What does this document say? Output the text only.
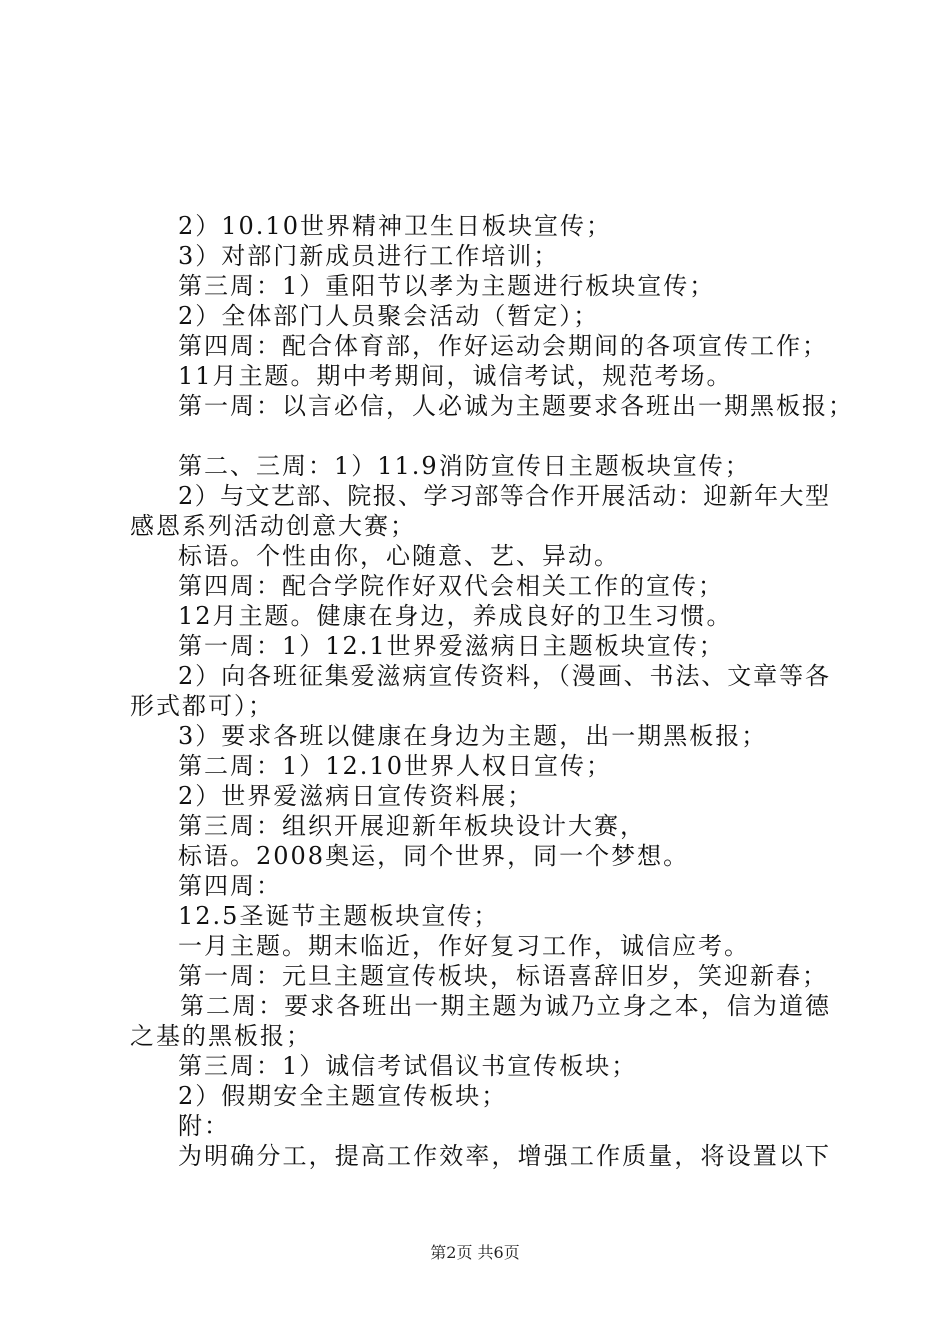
2）10.10世界精神卫生日板块宣传；
3）对部门新成员进行工作培训；
第三周：1）重阳节以孝为主题进行板块宣传；
2）全体部门人员聚会活动（暂定）；
第四周：配合体育部，作好运动会期间的各项宣传工作；
11月主题。期中考期间，诚信考试，规范考场。
第一周：以言必信，人必诚为主题要求各班出一期黑板报；
第二、三周：1）11.9消防宣传日主题板块宣传；
2）与文艺部、院报、学习部等合作开展活动：迎新年大型
感恩系列活动创意大赛；
标语。个性由你，心随意、艺、异动。
第四周：配合学院作好双代会相关工作的宣传；
12月主题。健康在身边，养成良好的卫生习惯。
第一周：1）12.1世界爱滋病日主题板块宣传；
2）向各班征集爱滋病宣传资料，（漫画、书法、文章等各
形式都可）；
3）要求各班以健康在身边为主题，出一期黑板报；
第二周：1）12.10世界人权日宣传；
2）世界爱滋病日宣传资料展；
第三周：组织开展迎新年板块设计大赛，
标语。2008奥运，同个世界，同一个梦想。
第四周：
12.5圣诞节主题板块宣传；
一月主题。期末临近，作好复习工作，诚信应考。
第一周：元旦主题宣传板块，标语喜辞旧岁，笑迎新春；
第二周：要求各班出一期主题为诚乃立身之本，信为道德
之基的黑板报；
第三周：1）诚信考试倡议书宣传板块；
2）假期安全主题宣传板块；
附：
为明确分工，提高工作效率，增强工作质量，将设置以下
第2页 共6页
